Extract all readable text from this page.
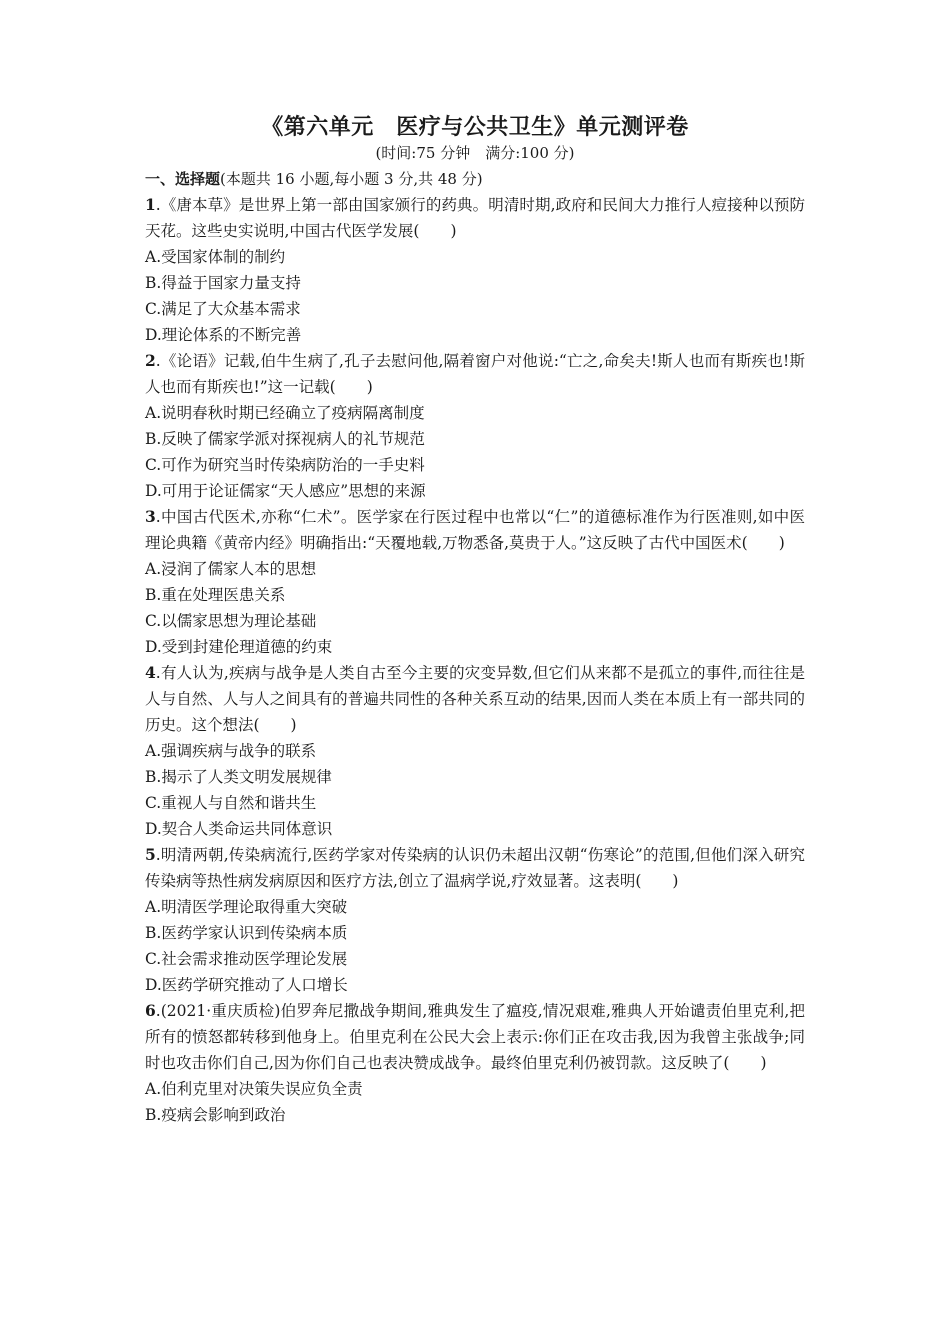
《第六单元　医疗与公共卫生》单元测评卷

(时间:75 分钟　满分:100 分)

一、选择题(本题共 16 小题,每小题 3 分,共 48 分)

1.《唐本草》是世界上第一部由国家颁行的药典。明清时期,政府和民间大力推行人痘接种以预防天花。这些史实说明,中国古代医学发展(　　)

A.受国家体制的制约

B.得益于国家力量支持

C.满足了大众基本需求

D.理论体系的不断完善

2.《论语》记载,伯牛生病了,孔子去慰问他,隔着窗户对他说:“亡之,命矣夫!斯人也而有斯疾也!斯人也而有斯疾也!”这一记载(　　)

A.说明春秋时期已经确立了疫病隔离制度

B.反映了儒家学派对探视病人的礼节规范

C.可作为研究当时传染病防治的一手史料

D.可用于论证儒家“天人感应”思想的来源

3.中国古代医术,亦称“仁术”。医学家在行医过程中也常以“仁”的道德标准作为行医准则,如中医理论典籍《黄帝内经》明确指出:“天覆地载,万物悉备,莫贵于人。”这反映了古代中国医术(　　)

A.浸润了儒家人本的思想

B.重在处理医患关系

C.以儒家思想为理论基础

D.受到封建伦理道德的约束

4.有人认为,疾病与战争是人类自古至今主要的灾变异数,但它们从来都不是孤立的事件,而往往是人与自然、人与人之间具有的普遍共同性的各种关系互动的结果,因而人类在本质上有一部共同的历史。这个想法(　　)

A.强调疾病与战争的联系

B.揭示了人类文明发展规律

C.重视人与自然和谐共生

D.契合人类命运共同体意识

5.明清两朝,传染病流行,医药学家对传染病的认识仍未超出汉朝“伤寒论”的范围,但他们深入研究传染病等热性病发病原因和医疗方法,创立了温病学说,疗效显著。这表明(　　)

A.明清医学理论取得重大突破

B.医药学家认识到传染病本质

C.社会需求推动医学理论发展

D.医药学研究推动了人口增长

6.(2021·重庆质检)伯罗奔尼撒战争期间,雅典发生了瘟疫,情况艰难,雅典人开始谴责伯里克利,把所有的愤怒都转移到他身上。伯里克利在公民大会上表示:你们正在攻击我,因为我曾主张战争;同时也攻击你们自己,因为你们自己也表决赞成战争。最终伯里克利仍被罚款。这反映了(　　)

A.伯利克里对决策失误应负全责

B.疫病会影响到政治
